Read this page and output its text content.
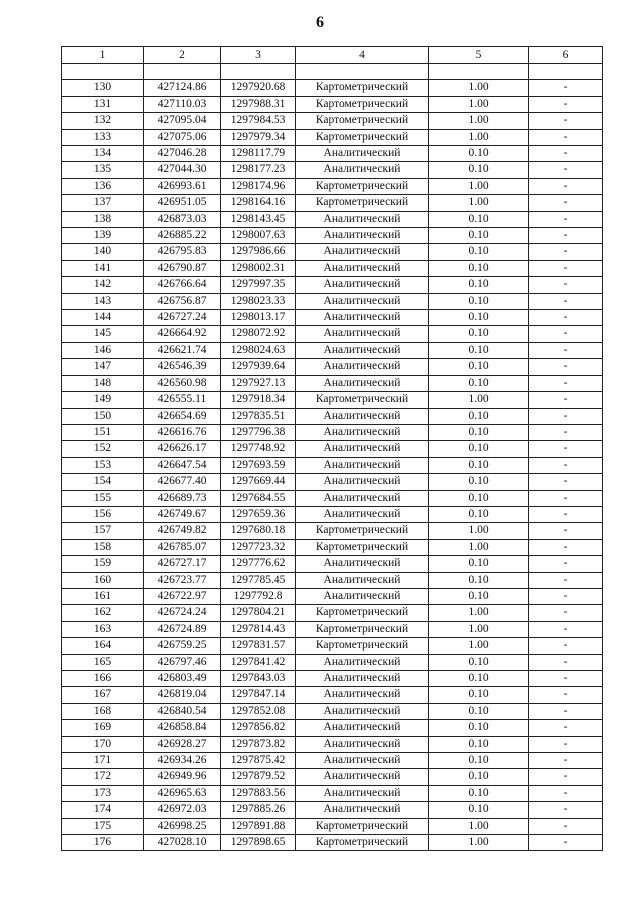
6
1	2	3	4	5	6

130	427124.86	1297920.68	Картометрический	1.00	-
131	427110.03	1297988.31	Картометрический	1.00	-
132	427095.04	1297984.53	Картометрический	1.00	-
133	427075.06	1297979.34	Картометрический	1.00	-
134	427046.28	1298117.79	Аналитический	0.10	-
135	427044.30	1298177.23	Аналитический	0.10	-
136	426993.61	1298174.96	Картометрический	1.00	-
137	426951.05	1298164.16	Картометрический	1.00	-
138	426873.03	1298143.45	Аналитический	0.10	-
139	426885.22	1298007.63	Аналитический	0.10	-
140	426795.83	1297986.66	Аналитический	0.10	-
141	426790.87	1298002.31	Аналитический	0.10	-
142	426766.64	1297997.35	Аналитический	0.10	-
143	426756.87	1298023.33	Аналитический	0.10	-
144	426727.24	1298013.17	Аналитический	0.10	-
145	426664.92	1298072.92	Аналитический	0.10	-
146	426621.74	1298024.63	Аналитический	0.10	-
147	426546.39	1297939.64	Аналитический	0.10	-
148	426560.98	1297927.13	Аналитический	0.10	-
149	426555.11	1297918.34	Картометрический	1.00	-
150	426654.69	1297835.51	Аналитический	0.10	-
151	426616.76	1297796.38	Аналитический	0.10	-
152	426626.17	1297748.92	Аналитический	0.10	-
153	426647.54	1297693.59	Аналитический	0.10	-
154	426677.40	1297669.44	Аналитический	0.10	-
155	426689.73	1297684.55	Аналитический	0.10	-
156	426749.67	1297659.36	Аналитический	0.10	-
157	426749.82	1297680.18	Картометрический	1.00	-
158	426785.07	1297723.32	Картометрический	1.00	-
159	426727.17	1297776.62	Аналитический	0.10	-
160	426723.77	1297785.45	Аналитический	0.10	-
161	426722.97	1297792.8	Аналитический	0.10	-
162	426724.24	1297804.21	Картометрический	1.00	-
163	426724.89	1297814.43	Картометрический	1.00	-
164	426759.25	1297831.57	Картометрический	1.00	-
165	426797.46	1297841.42	Аналитический	0.10	-
166	426803.49	1297843.03	Аналитический	0.10	-
167	426819.04	1297847.14	Аналитический	0.10	-
168	426840.54	1297852.08	Аналитический	0.10	-
169	426858.84	1297856.82	Аналитический	0.10	-
170	426928.27	1297873.82	Аналитический	0.10	-
171	426934.26	1297875.42	Аналитический	0.10	-
172	426949.96	1297879.52	Аналитический	0.10	-
173	426965.63	1297883.56	Аналитический	0.10	-
174	426972.03	1297885.26	Аналитический	0.10	-
175	426998.25	1297891.88	Картометрический	1.00	-
176	427028.10	1297898.65	Картометрический	1.00	-
